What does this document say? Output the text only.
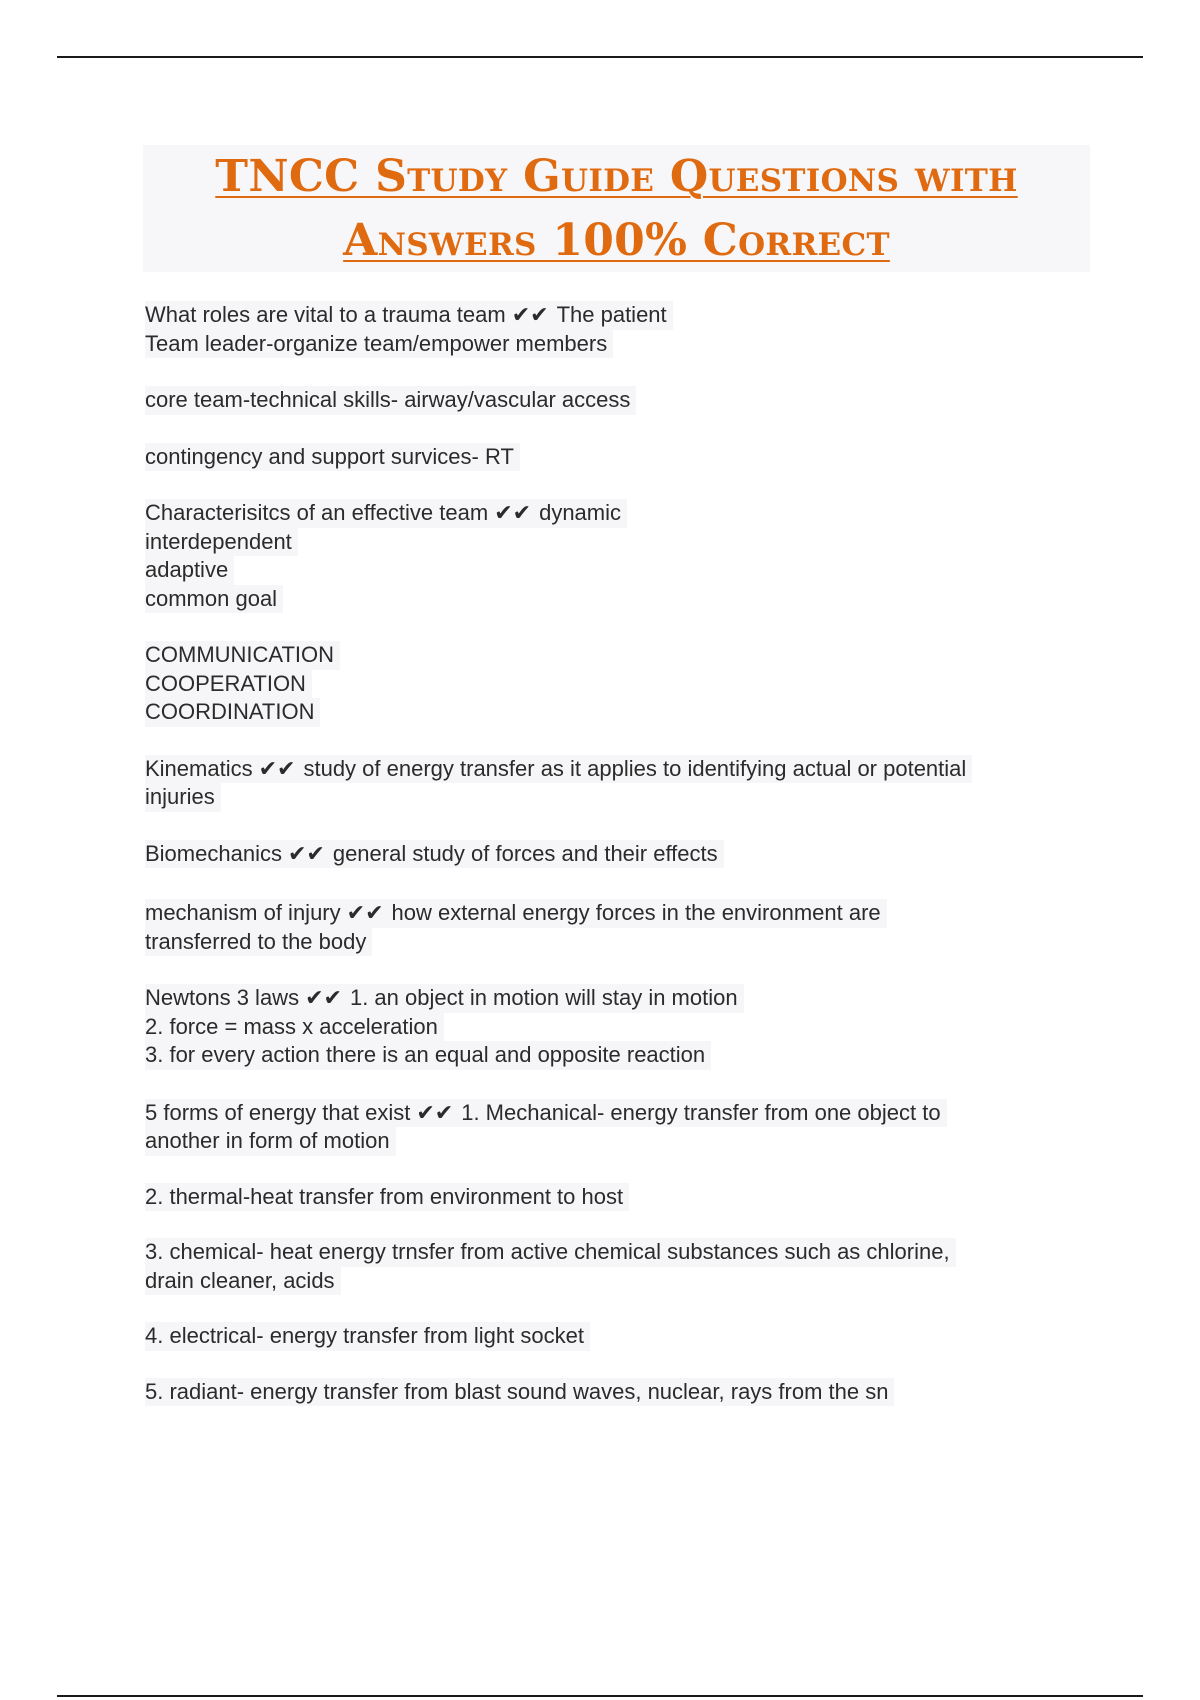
TNCC Study Guide Questions with
Answers 100% Correct
What roles are vital to a trauma team ✔✔ The patient
Team leader-organize team/empower members
core team-technical skills- airway/vascular access
contingency and support survices- RT
Characterisitcs of an effective team ✔✔ dynamic
interdependent
adaptive
common goal
COMMUNICATION
COOPERATION
COORDINATION
Kinematics ✔✔ study of energy transfer as it applies to identifying actual or potential
injuries
Biomechanics ✔✔ general study of forces and their effects
mechanism of injury ✔✔ how external energy forces in the environment are
transferred to the body
Newtons 3 laws ✔✔ 1. an object in motion will stay in motion
2. force = mass x acceleration
3. for every action there is an equal and opposite reaction
5 forms of energy that exist ✔✔ 1. Mechanical- energy transfer from one object to
another in form of motion
2. thermal-heat transfer from environment to host
3. chemical- heat energy trnsfer from active chemical substances such as chlorine,
drain cleaner, acids
4. electrical- energy transfer from light socket
5. radiant- energy transfer from blast sound waves, nuclear, rays from the sn
